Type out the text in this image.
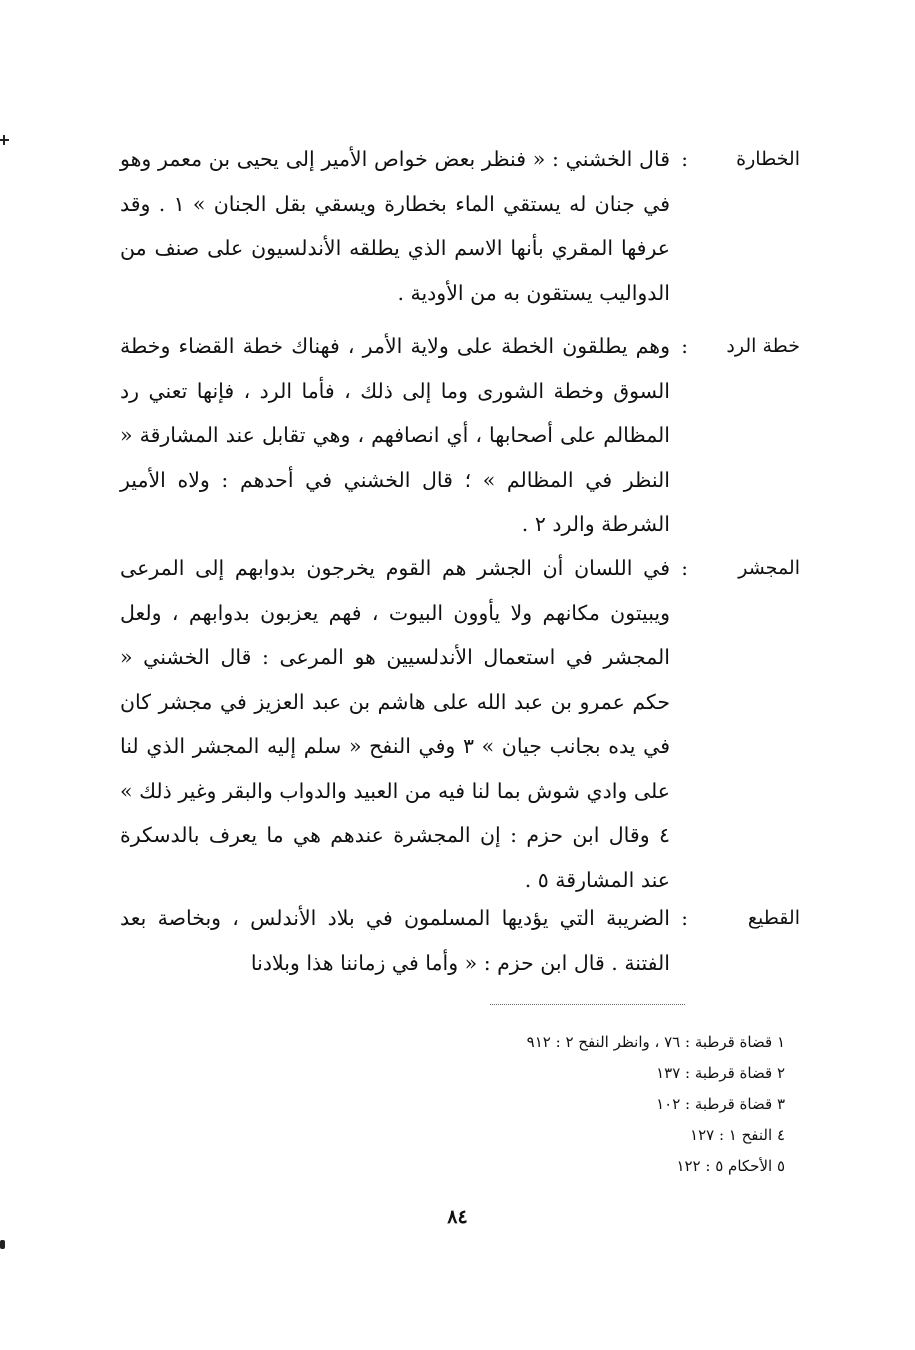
الخطارة
:
قال الخشني : « فنظر بعض خواص الأمير إلى يحيى بن معمر وهو في جنان له يستقي الماء بخطارة ويسقي بقل الجنان » ١ . وقد عرفها المقري بأنها الاسم الذي يطلقه الأندلسيون على صنف من الدواليب يستقون به من الأودية .
خطة الرد
:
وهم يطلقون الخطة على ولاية الأمر ، فهناك خطة القضاء وخطة السوق وخطة الشورى وما إلى ذلك ، فأما الرد ، فإنها تعني رد المظالم على أصحابها ، أي انصافهم ، وهي تقابل عند المشارقة « النظر في المظالم » ؛ قال الخشني في أحدهم : ولاه الأمير الشرطة والرد ٢ .
المجشر
:
في اللسان أن الجشر هم القوم يخرجون بدوابهم إلى المرعى ويبيتون مكانهم ولا يأوون البيوت ، فهم يعزبون بدوابهم ، ولعل المجشر في استعمال الأندلسيين هو المرعى : قال الخشني « حكم عمرو بن عبد الله على هاشم بن عبد العزيز في مجشر كان في يده بجانب جيان » ٣ وفي النفح « سلم إليه المجشر الذي لنا على وادي شوش بما لنا فيه من العبيد والدواب والبقر وغير ذلك » ٤ وقال ابن حزم : إن المجشرة عندهم هي ما يعرف بالدسكرة عند المشارقة ٥ .
القطيع
:
الضريبة التي يؤديها المسلمون في بلاد الأندلس ، وبخاصة بعد الفتنة . قال ابن حزم : « وأما في زماننا هذا وبلادنا
١ قضاة قرطبة : ٧٦ ، وانظر النفح ٢ : ٩١٢
٢ قضاة قرطبة : ١٣٧
٣ قضاة قرطبة : ١٠٢
٤ النفح ١ : ١٢٧
٥ الأحكام ٥ : ١٢٢
٨٤
